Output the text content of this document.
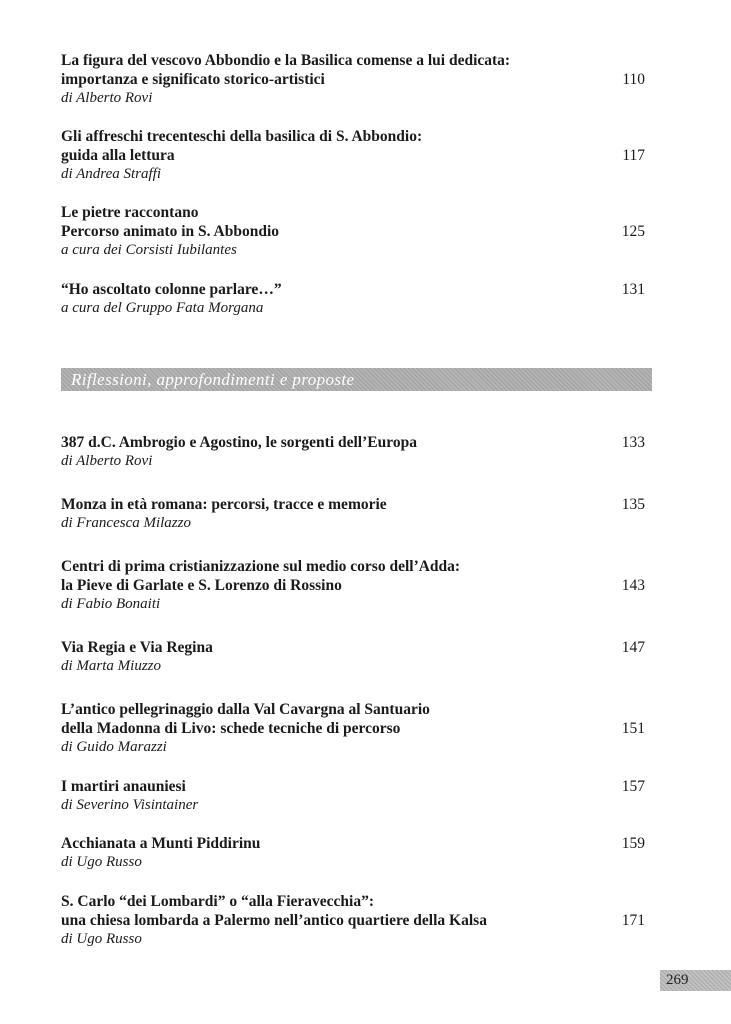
La figura del vescovo Abbondio e la Basilica comense a lui dedicata:
importanza e significato storico-artistici
di Alberto Rovi
110
Gli affreschi trecenteschi della basilica di S. Abbondio:
guida alla lettura
di Andrea Straffi
117
Le pietre raccontano
Percorso animato in S. Abbondio
a cura dei Corsisti Iubilantes
125
“Ho ascoltato colonne parlare…”
a cura del Gruppo Fata Morgana
131
Riflessioni, approfondimenti e proposte
387 d.C. Ambrogio e Agostino, le sorgenti dell’Europa
di Alberto Rovi
133
Monza in età romana: percorsi, tracce e memorie
di Francesca Milazzo
135
Centri di prima cristianizzazione sul medio corso dell’Adda:
la Pieve di Garlate e S. Lorenzo di Rossino
di Fabio Bonaiti
143
Via Regia e Via Regina
di Marta Miuzzo
147
L’antico pellegrinaggio dalla Val Cavargna al Santuario
della Madonna di Livo: schede tecniche di percorso
di Guido Marazzi
151
I martiri anauniesi
di Severino Visintainer
157
Acchianata a Munti Piddirinu
di Ugo Russo
159
S. Carlo “dei Lombardi” o “alla Fieravecchia”:
una chiesa lombarda a Palermo nell’antico quartiere della Kalsa
di Ugo Russo
171
269
